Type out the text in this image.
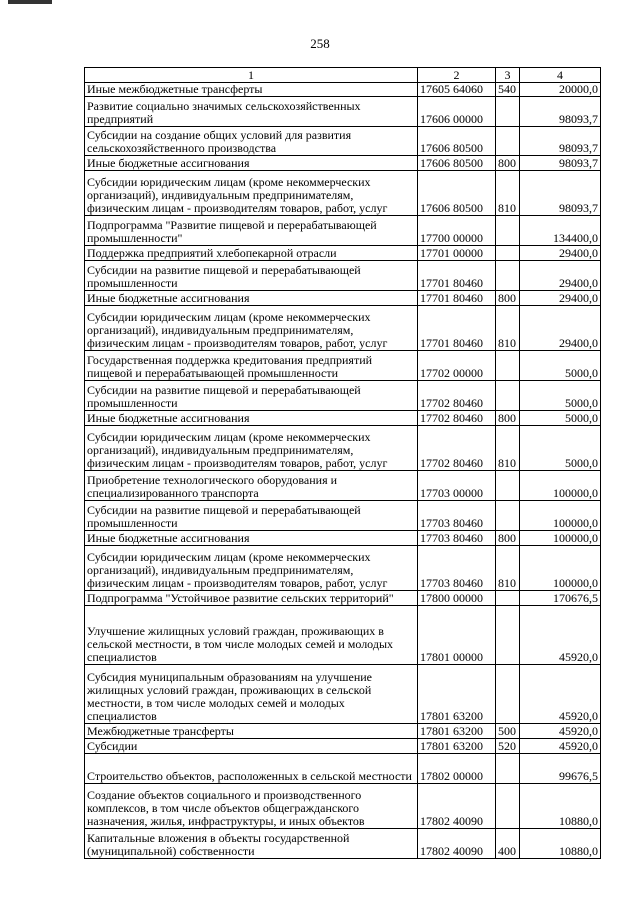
258
1	2	3	4
Иные межбюджетные трансферты	17605 64060	540	20000,0
Развитие социально значимых сельскохозяйственных предприятий	17606 00000		98093,7
Субсидии на создание общих условий для развития сельскохозяйственного производства	17606 80500		98093,7
Иные бюджетные ассигнования	17606 80500	800	98093,7
Субсидии юридическим лицам (кроме некоммерческих организаций), индивидуальным предпринимателям, физическим лицам - производителям товаров, работ, услуг	17606 80500	810	98093,7
Подпрограмма "Развитие пищевой и перерабатывающей промышленности"	17700 00000		134400,0
Поддержка предприятий хлебопекарной отрасли	17701 00000		29400,0
Субсидии на развитие пищевой и перерабатывающей промышленности	17701 80460		29400,0
Иные бюджетные ассигнования	17701 80460	800	29400,0
Субсидии юридическим лицам (кроме некоммерческих организаций), индивидуальным предпринимателям, физическим лицам - производителям товаров, работ, услуг	17701 80460	810	29400,0
Государственная поддержка кредитования предприятий пищевой и перерабатывающей промышленности	17702 00000		5000,0
Субсидии на развитие пищевой и перерабатывающей промышленности	17702 80460		5000,0
Иные бюджетные ассигнования	17702 80460	800	5000,0
Субсидии юридическим лицам (кроме некоммерческих организаций), индивидуальным предпринимателям, физическим лицам - производителям товаров, работ, услуг	17702 80460	810	5000,0
Приобретение технологического оборудования и специализированного транспорта	17703 00000		100000,0
Субсидии на развитие пищевой и перерабатывающей промышленности	17703 80460		100000,0
Иные бюджетные ассигнования	17703 80460	800	100000,0
Субсидии юридическим лицам (кроме некоммерческих организаций), индивидуальным предпринимателям, физическим лицам - производителям товаров, работ, услуг	17703 80460	810	100000,0
Подпрограмма "Устойчивое развитие сельских территорий"	17800 00000		170676,5
Улучшение жилищных условий граждан, проживающих в сельской местности, в том числе молодых семей и молодых специалистов	17801 00000		45920,0
Субсидия муниципальным образованиям на улучшение жилищных условий граждан, проживающих в сельской местности, в том числе молодых семей и молодых специалистов	17801 63200		45920,0
Межбюджетные трансферты	17801 63200	500	45920,0
Субсидии	17801 63200	520	45920,0
Строительство объектов, расположенных в сельской местности	17802 00000		99676,5
Создание объектов социального и производственного комплексов, в том числе объектов общегражданского назначения, жилья, инфраструктуры, и иных объектов	17802 40090		10880,0
Капитальные вложения в объекты государственной (муниципальной) собственности	17802 40090	400	10880,0
